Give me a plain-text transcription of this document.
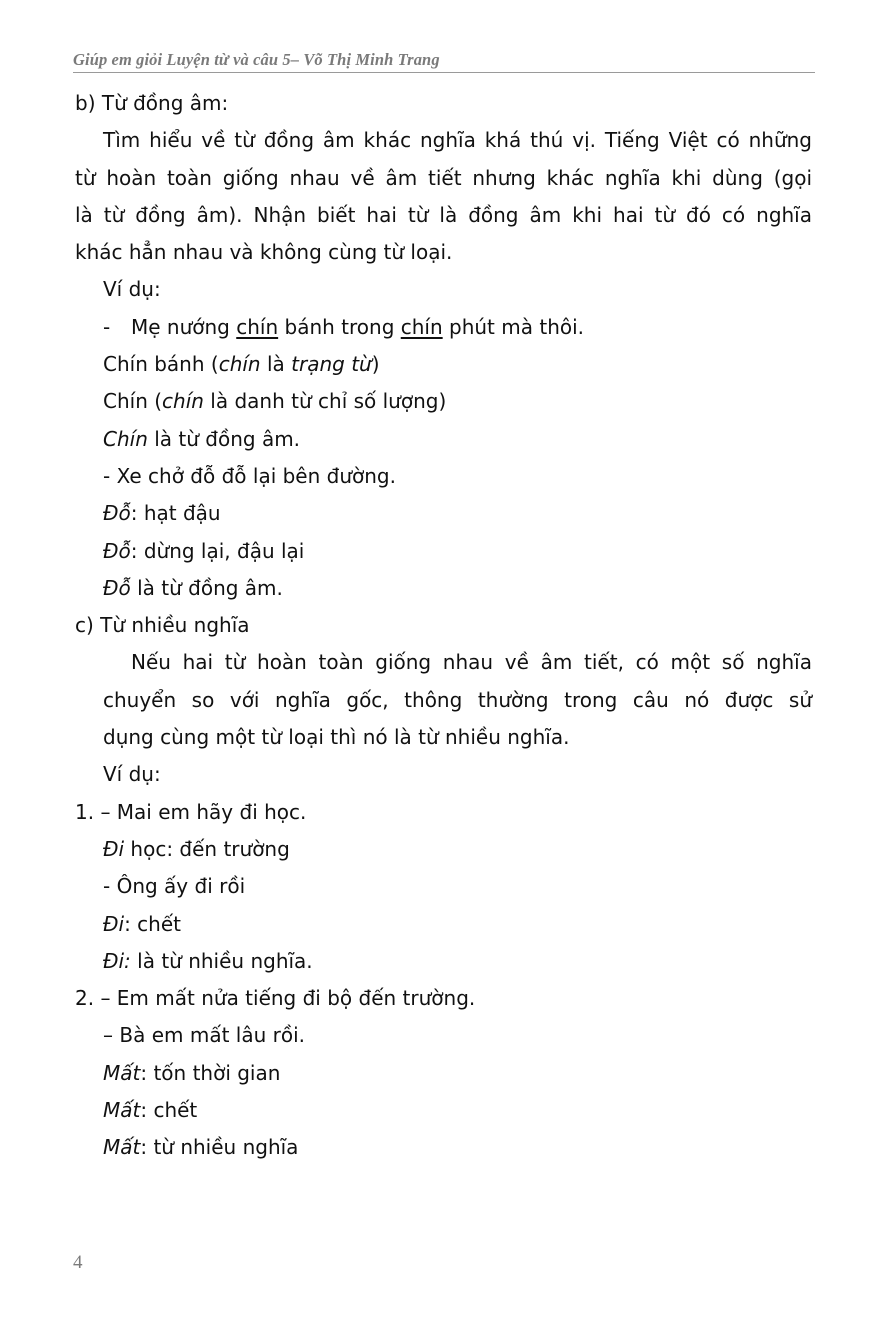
Giúp em giỏi Luyện từ và câu 5– Võ Thị Minh Trang
b) Từ đồng âm:
Tìm hiểu về từ đồng âm khác nghĩa khá thú vị. Tiếng Việt có những
từ hoàn toàn giống nhau về âm tiết nhưng khác nghĩa khi dùng (gọi
là từ đồng âm). Nhận biết hai từ là đồng âm khi hai từ đó có nghĩa
khác hẳn nhau và không cùng từ loại.
Ví dụ:
-	Mẹ nướng chín bánh trong chín phút mà thôi.
Chín bánh (chín là trạng từ)
Chín (chín là danh từ chỉ số lượng)
Chín là từ đồng âm.
- Xe chở đỗ đỗ lại bên đường.
Đỗ: hạt đậu
Đỗ: dừng lại, đậu lại
Đỗ là từ đồng âm.
c) Từ nhiều nghĩa
Nếu hai từ hoàn toàn giống nhau về âm tiết, có một số nghĩa
chuyển so với nghĩa gốc, thông thường trong câu nó được sử
dụng cùng một từ loại thì nó là từ nhiều nghĩa.
Ví dụ:
1. – Mai em hãy đi học.
Đi học: đến trường
- Ông ấy đi rồi
Đi: chết
Đi: là từ nhiều nghĩa.
2. – Em mất nửa tiếng đi bộ đến trường.
– Bà em mất lâu rồi.
Mất: tốn thời gian
Mất: chết
Mất: từ nhiều nghĩa
4
